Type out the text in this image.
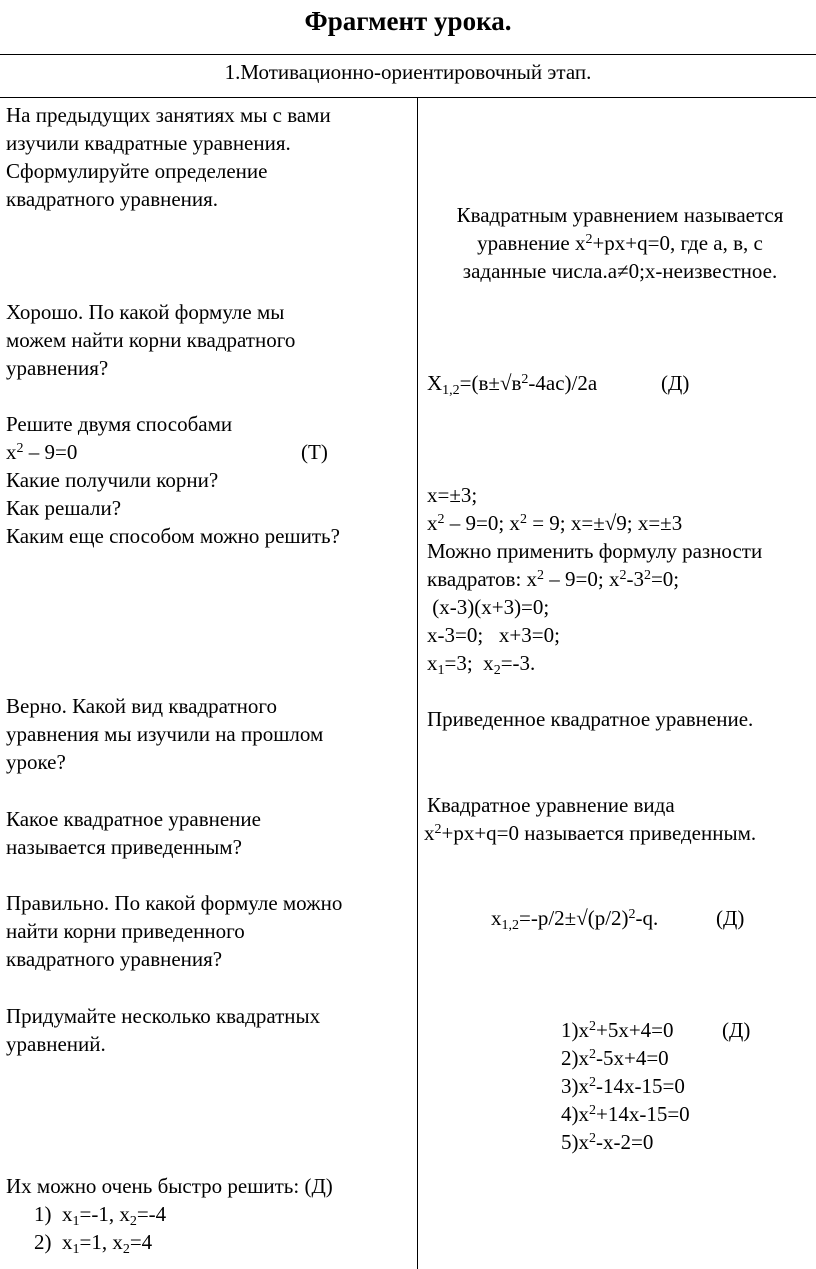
Фрагмент урока.
1.Мотивационно-ориентировочный этап.
На предыдущих занятиях мы с вами
изучили квадратные уравнения.
Сформулируйте определение
квадратного уравнения.
Хорошо. По какой формуле мы
можем найти корни квадратного
уравнения?
Решите двумя способами
$x^2 - 9=0$
Какие получили корни?
Как решали?
Каким еще способом можно решить?
(Т)
Верно. Какой вид квадратного
уравнения мы изучили на прошлом
уроке?
Какое квадратное уравнение
называется приведенным?
Правильно. По какой формуле можно
найти корни приведенного
квадратного уравнения?
Придумайте несколько квадратных
уравнений.
Их можно очень быстро решить: (Д)
1) $x_1=-1$, $x_2=-4$
2) $x_1=1$, $x_2=4$
Квадратным уравнением называется
уравнение $x^2+px+q=0$, где a, в, c
заданные числа.a≠0;x-неизвестное.
$X_{1,2}=(в\pm√в^2-4ac)/2a$	(Д)
x=±3;
$x^2 - 9=0$; $x^2 = 9$; x=±√9; x=±3
Можно применить формулу разности
квадратов: $x^2 - 9=0$; $x^2-3^2=0$;
(x-3)(x+3)=0;
x-3=0;   x+3=0;
$x_1=3$;  $x_2=-3$.
Приведенное квадратное уравнение.
Квадратное уравнение вида
$x^2+px+q=0$ называется приведенным.
$x_{1,2}=-p/2\pm√(p/2)^2-q$.	(Д)
$1)x^2+5x+4=0$
$2)x^2-5x+4=0$
$3)x^2-14x-15=0$
$4)x^2+14x-15=0$
$5)x^2-x-2=0$
(Д)
